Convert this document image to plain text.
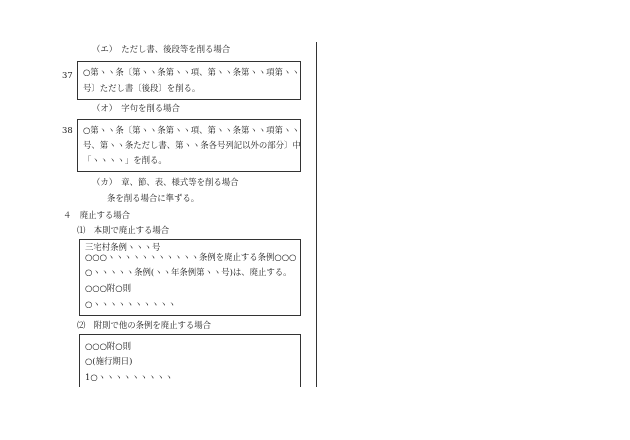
（エ）　ただし書、後段等を削る場合
37 ○第ヽヽ条〔第ヽヽ条第ヽヽ項、第ヽヽ条第ヽヽ項第ヽヽ
号〕ただし書〔後段〕を削る。
（オ）　字句を削る場合
38 ○第ヽヽ条〔第ヽヽ条第ヽヽ項、第ヽヽ条第ヽヽ項第ヽヽ
号、第ヽヽ条ただし書、第ヽヽ条各号列記以外の部分〕中
「ヽヽヽヽ」を削る。
（カ）　章、節、表、様式等を削る場合
条を削る場合に準ずる。
４　廃止する場合
⑴　本則で廃止する場合
三宅村条例ヽヽヽ号
○○○ヽヽヽヽヽヽヽヽヽヽヽ条例を廃止する条例○○○
○ヽヽヽヽヽ条例(ヽヽ年条例第ヽヽ号)は、廃止する。
○○○附○則
○ヽヽヽヽヽヽヽヽヽヽ
⑵　附則で他の条例を廃止する場合
○○○附○則
○(施行期日)
1○ヽヽヽヽヽヽヽヽヽ
